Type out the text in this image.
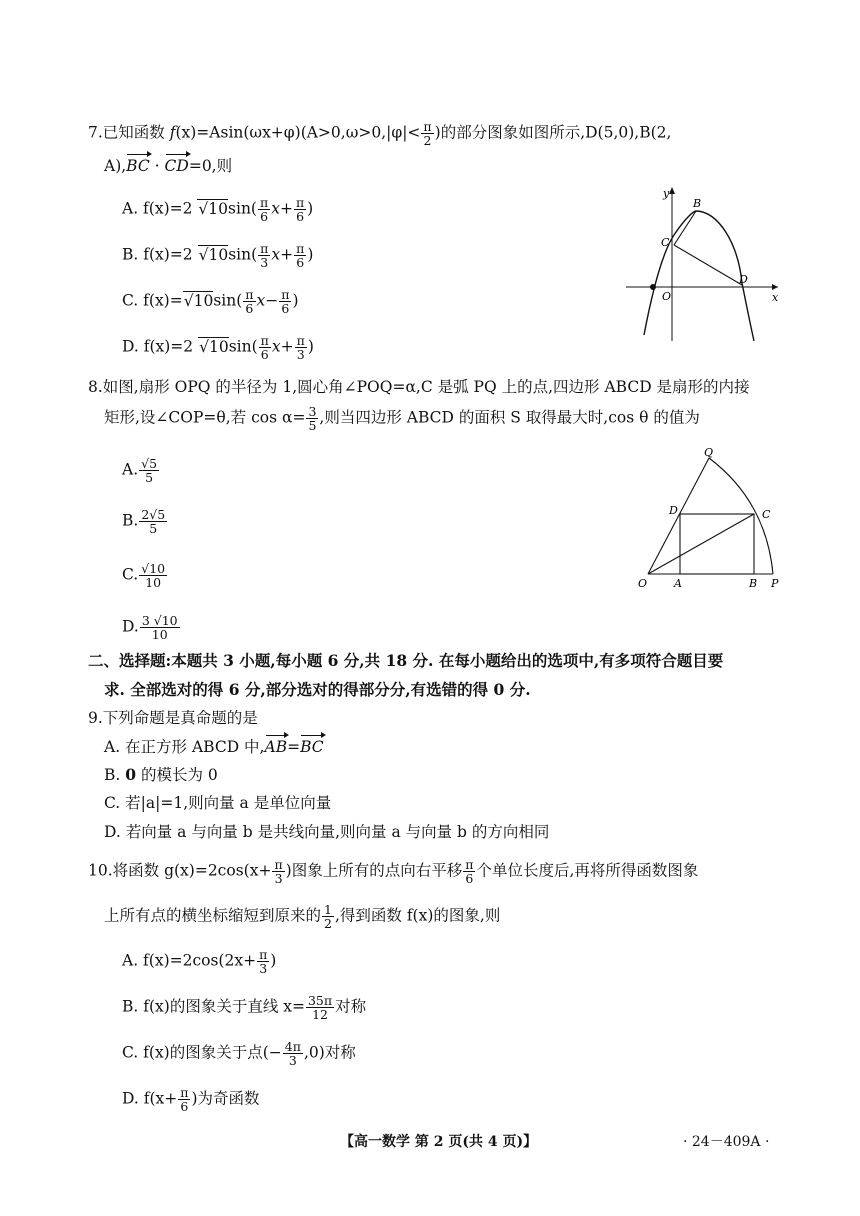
7.已知函数 $f(x)=Asin(\omega x+\varphi)(A>0,\omega>0,|\varphi|< \frac{\pi}{2}$ )的部分图象如图所示,D(5,0),B(2,
A),BC · CD=0,则
A. f(x)=2 $√10\sin( \frac{\pi}{6} x+ \frac{\pi}{6}$ )
B. f(x)=2 $√10\sin( \frac{\pi}{3} x+ \frac{\pi}{6}$ )
C. $f(x)=√10\sin( \frac{\pi}{6} x- \frac{\pi}{6}$ )
D. f(x)=2 $√10\sin( \frac{\pi}{6} x+ \frac{\pi}{3}$ )
y
x
B
C
D
O
8.如图,扇形 OPQ 的半径为 1,圆心角∠POQ=α,C 是弧 PQ 上的点,四边形 ABCD 是扇形的内接
矩形,设∠COP=θ,若 $\cos \alpha= \frac{3}{5}$ ,则当四边形 ABCD 的面积 S 取得最大时,cos θ 的值为
A. $\frac{√5}{5}$
B. $\frac{2√5}{5}$
C. $\frac{√10}{10}$
D. $\frac{3 √10}{10}$
Q
D	C
O A	B P
二、选择题:本题共 3 小题,每小题 6 分,共 18 分. 在每小题给出的选项中,有多项符合题目要
求. 全部选对的得 6 分,部分选对的得部分分,有选错的得 0 分.
9.下列命题是真命题的是
A. 在正方形 ABCD 中,AB=BC
B. 0 的模长为 0
C. 若|a|=1,则向量 a 是单位向量
D. 若向量 a 与向量 b 是共线向量,则向量 a 与向量 b 的方向相同
10.将函数 $g(x)=2\cos(x+ \frac{\pi}{3}$ )图象上所有的点向右平移 $\frac{\pi}{6}$ 个单位长度后,再将所得函数图象
上所有点的横坐标缩短到原来的 $\frac{1}{2}$ ,得到函数 f(x)的图象,则
A. $f(x)=2\cos(2x+ \frac{\pi}{3}$ )
B. f(x)的图象关于直线 $x= \frac{35\pi}{12}$ 对称
C. f(x)的图象关于点(− $\frac{4\pi}{3} ,0$)对称
D. $f(x+ \frac{\pi}{6}$ )为奇函数
【高一数学 第 2 页(共 4 页)】	· 24－409A ·
